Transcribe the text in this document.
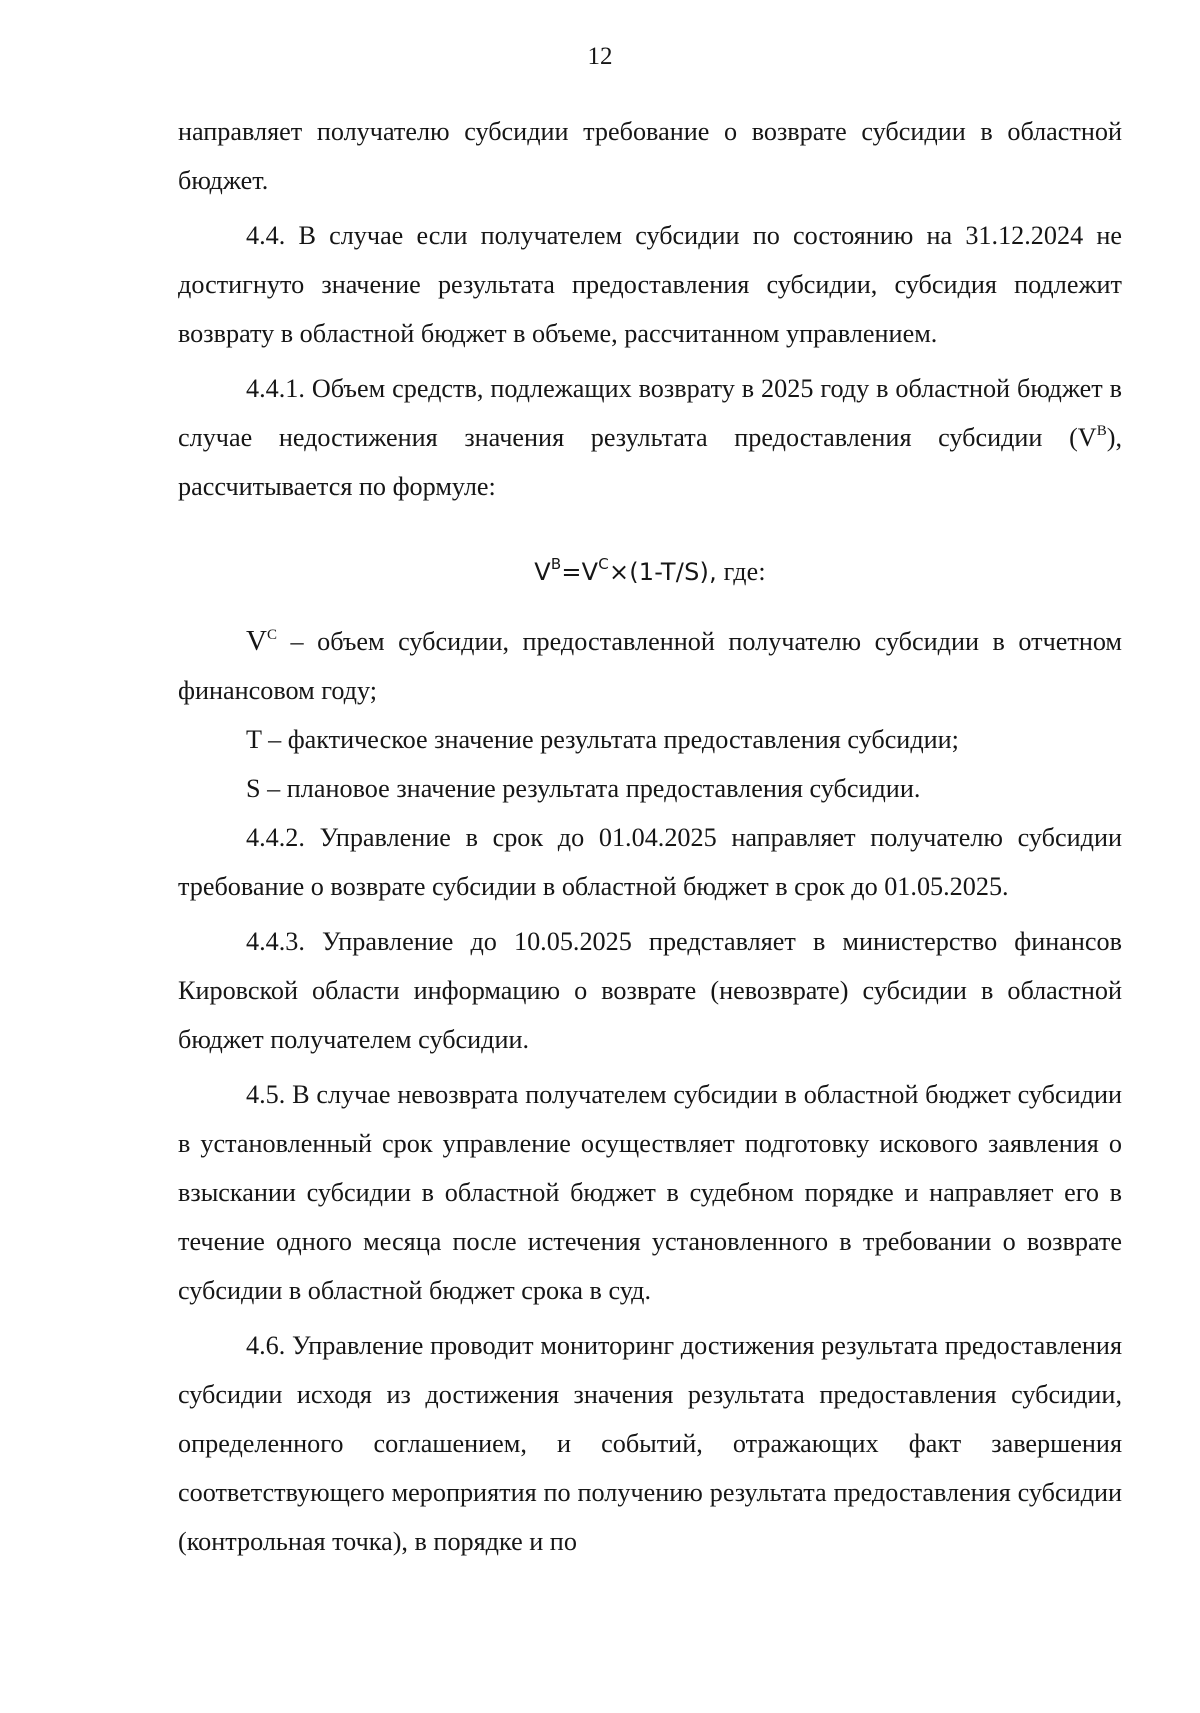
12

направляет получателю субсидии требование о возврате субсидии в областной бюджет.

4.4. В случае если получателем субсидии по состоянию на 31.12.2024 не достигнуто значение результата предоставления субсидии, субсидия подлежит возврату в областной бюджет в объеме, рассчитанном управлением.

4.4.1. Объем средств, подлежащих возврату в 2025 году в областной бюджет в случае недостижения значения результата предоставления субсидии $(V^B)$, рассчитывается по формуле:

$V^B=V^C\times(1-T/S)$, где:

$V^C$ – объем субсидии, предоставленной получателю субсидии в отчетном финансовом году;

T – фактическое значение результата предоставления субсидии;

S – плановое значение результата предоставления субсидии.

4.4.2. Управление в срок до 01.04.2025 направляет получателю субсидии требование о возврате субсидии в областной бюджет в срок до 01.05.2025.

4.4.3. Управление до 10.05.2025 представляет в министерство финансов Кировской области информацию о возврате (невозврате) субсидии в областной бюджет получателем субсидии.

4.5. В случае невозврата получателем субсидии в областной бюджет субсидии в установленный срок управление осуществляет подготовку искового заявления о взыскании субсидии в областной бюджет в судебном порядке и направляет его в течение одного месяца после истечения установленного в требовании о возврате субсидии в областной бюджет срока в суд.

4.6. Управление проводит мониторинг достижения результата предоставления субсидии исходя из достижения значения результата предоставления субсидии, определенного соглашением, и событий, отражающих факт завершения соответствующего мероприятия по получению результата предоставления субсидии (контрольная точка), в порядке и по
